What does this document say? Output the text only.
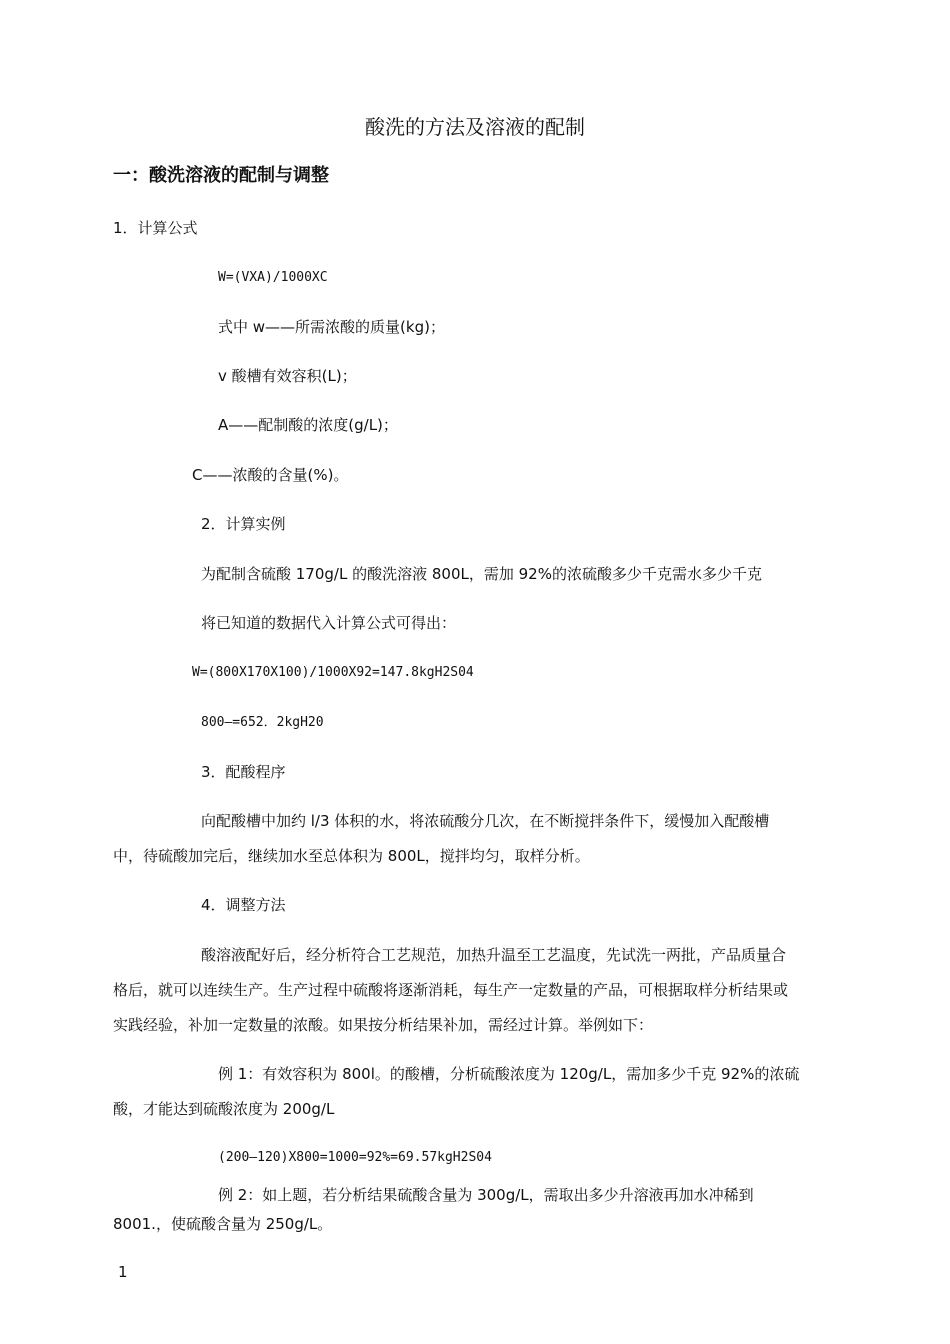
酸洗的方法及溶液的配制
一：酸洗溶液的配制与调整
1．计算公式
W=(VXA)/1000XC
式中 w——所需浓酸的质量(kg)；
v 酸槽有效容积(L)；
A——配制酸的浓度(g/L)；
C——浓酸的含量(%)。
2．计算实例
为配制含硫酸 170g/L 的酸洗溶液 800L，需加 92%的浓硫酸多少千克需水多少千克
将已知道的数据代入计算公式可得出：
W=(800X170X100)/1000X92=147.8kgH2S04
800—=652．2kgH20
3．配酸程序
向配酸槽中加约 l/3 体积的水，将浓硫酸分几次，在不断搅拌条件下，缓慢加入配酸槽
中，待硫酸加完后，继续加水至总体积为 800L，搅拌均匀，取样分析。
4．调整方法
酸溶液配好后，经分析符合工艺规范，加热升温至工艺温度，先试洗一两批，产品质量合
格后，就可以连续生产。生产过程中硫酸将逐渐消耗，每生产一定数量的产品，可根据取样分析结果或
实践经验，补加一定数量的浓酸。如果按分析结果补加，需经过计算。举例如下：
例 1：有效容积为 800l。的酸槽，分析硫酸浓度为 120g/L，需加多少千克 92%的浓硫
酸，才能达到硫酸浓度为 200g/L
(200—120)X800=1000=92%=69.57kgH2S04
例 2：如上题，若分析结果硫酸含量为 300g/L，需取出多少升溶液再加水冲稀到
8001.，使硫酸含量为 250g/L。
1
